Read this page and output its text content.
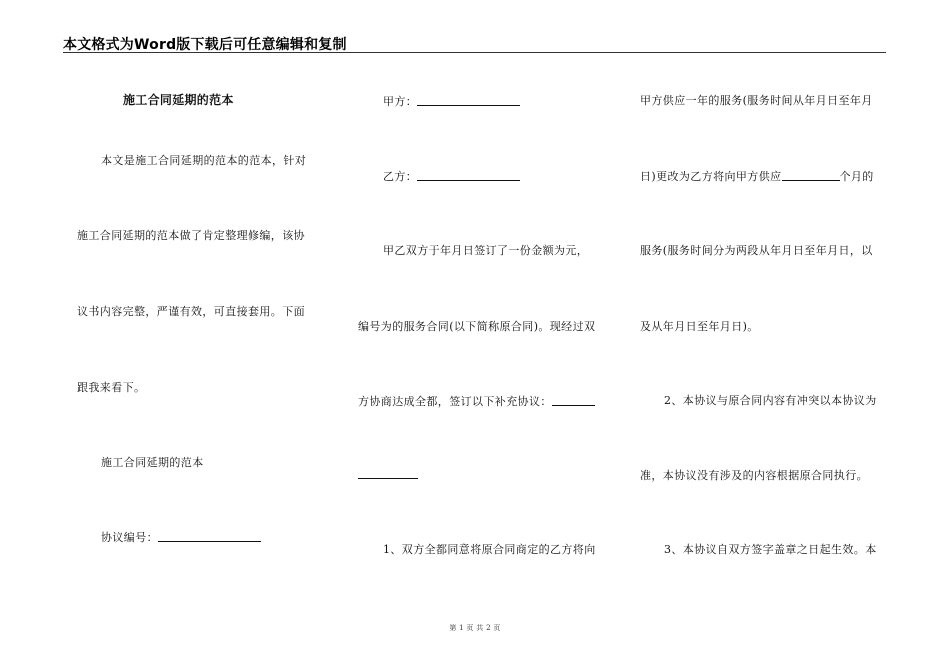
本文格式为Word版下载后可任意编辑和复制
施工合同延期的范本
本文是施工合同延期的范本的范本，针对
施工合同延期的范本做了肯定整理修编，该协
议书内容完整，严谨有效，可直接套用。下面
跟我来看下。
施工合同延期的范本
协议编号：
甲方：
乙方：
甲乙双方于年月日签订了一份金额为元，
编号为的服务合同(以下简称原合同)。现经过双
方协商达成全都，签订以下补充协议：
1、双方全都同意将原合同商定的乙方将向
甲方供应一年的服务(服务时间从年月日至年月
日)更改为乙方将向甲方供应	个月的
服务(服务时间分为两段从年月日至年月日，以
及从年月日至年月日)。
2、本协议与原合同内容有冲突以本协议为
准，本协议没有涉及的内容根据原合同执行。
3、本协议自双方签字盖章之日起生效。本
第 1 页 共 2 页
